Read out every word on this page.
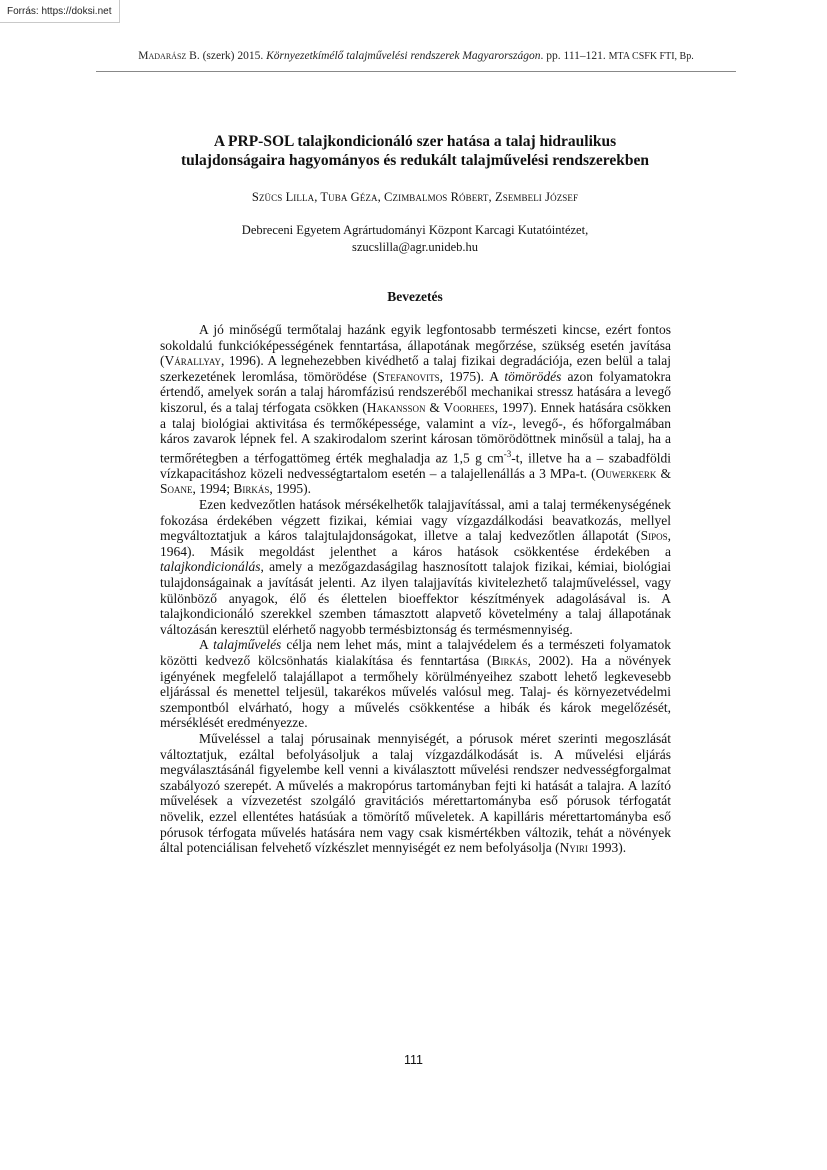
Forrás: https://doksi.net
Madarász B. (szerk) 2015. Környezetkímélő talajművelési rendszerek Magyarországon. pp. 111–121. MTA CSFK FTI, Bp.
A PRP-SOL talajkondicionáló szer hatása a talaj hidraulikus
tulajdonságaira hagyományos és redukált talajművelési rendszerekben
Szücs Lilla, Tuba Géza, Czimbalmos Róbert, Zsembeli József
Debreceni Egyetem Agrártudományi Központ Karcagi Kutatóintézet,
szucslilla@agr.unideb.hu
Bevezetés

A jó minőségű termőtalaj hazánk egyik legfontosabb természeti kincse, ezért fontos sokoldalú funkcióképességének fenntartása, állapotának megőrzése, szükség esetén javítása (Várallyay, 1996). A legnehezebben kivédhető a talaj fizikai degradációja, ezen belül a talaj szerkezetének leromlása, tömörödése (Stefanovits, 1975). A tömörödés azon folyamatokra értendő, amelyek során a talaj háromfázisú rendszeréből mechanikai stressz hatására a levegő kiszorul, és a talaj térfogata csökken (Hakansson & Voorhees, 1997). Ennek hatására csökken a talaj biológiai aktivitása és termőképessége, valamint a víz-, levegő-, és hőforgalmában káros zavarok lépnek fel. A szakirodalom szerint károsan tömörödöttnek minősül a talaj, ha a termőrétegben a térfogattömeg érték meghaladja az 1,5 g $cm^{-3}-t$, illetve ha a – szabadföldi vízkapacitáshoz közeli nedvességtartalom esetén – a talajellenállás a 3 MPa-t. (Ouwerkerk & Soane, 1994; Birkás, 1995).

Ezen kedvezőtlen hatások mérsékelhetők talajjavítással, ami a talaj termékenységének fokozása érdekében végzett fizikai, kémiai vagy vízgazdálkodási beavatkozás, mellyel megváltoztatjuk a káros talajtulajdonságokat, illetve a talaj kedvezőtlen állapotát (Sipos, 1964). Másik megoldást jelenthet a káros hatások csökkentése érdekében a talajkondicionálás, amely a mezőgazdaságilag hasznosított talajok fizikai, kémiai, biológiai tulajdonságainak a javítását jelenti. Az ilyen talajjavítás kivitelezhető talajműveléssel, vagy különböző anyagok, élő és élettelen bioeffektor készítmények adagolásával is. A talajkondicionáló szerekkel szemben támasztott alapvető követelmény a talaj állapotának változásán keresztül elérhető nagyobb termésbiztonság és termésmennyiség.

A talajművelés célja nem lehet más, mint a talajvédelem és a természeti folyamatok közötti kedvező kölcsönhatás kialakítása és fenntartása (Birkás, 2002). Ha a növények igényének megfelelő talajállapot a termőhely körülményeihez szabott lehető legkevesebb eljárással és menettel teljesül, takarékos művelés valósul meg. Talaj- és környezetvédelmi szempontból elvárható, hogy a művelés csökkentése a hibák és károk megelőzését, mérséklését eredményezze.

Műveléssel a talaj pórusainak mennyiségét, a pórusok méret szerinti megoszlását változtatjuk, ezáltal befolyásoljuk a talaj vízgazdálkodását is. A művelési eljárás megválasztásánál figyelembe kell venni a kiválasztott művelési rendszer nedvességforgalmat szabályozó szerepét. A művelés a makropórus tartományban fejti ki hatását a talajra. A lazító művelések a vízvezetést szolgáló gravitációs mérettartományba eső pórusok térfogatát növelik, ezzel ellentétes hatásúak a tömörítő műveletek. A kapilláris mérettartományba eső pórusok térfogata művelés hatására nem vagy csak kismértékben változik, tehát a növények által potenciálisan felvehető vízkészlet mennyiségét ez nem befolyásolja (Nyiri 1993).

111
